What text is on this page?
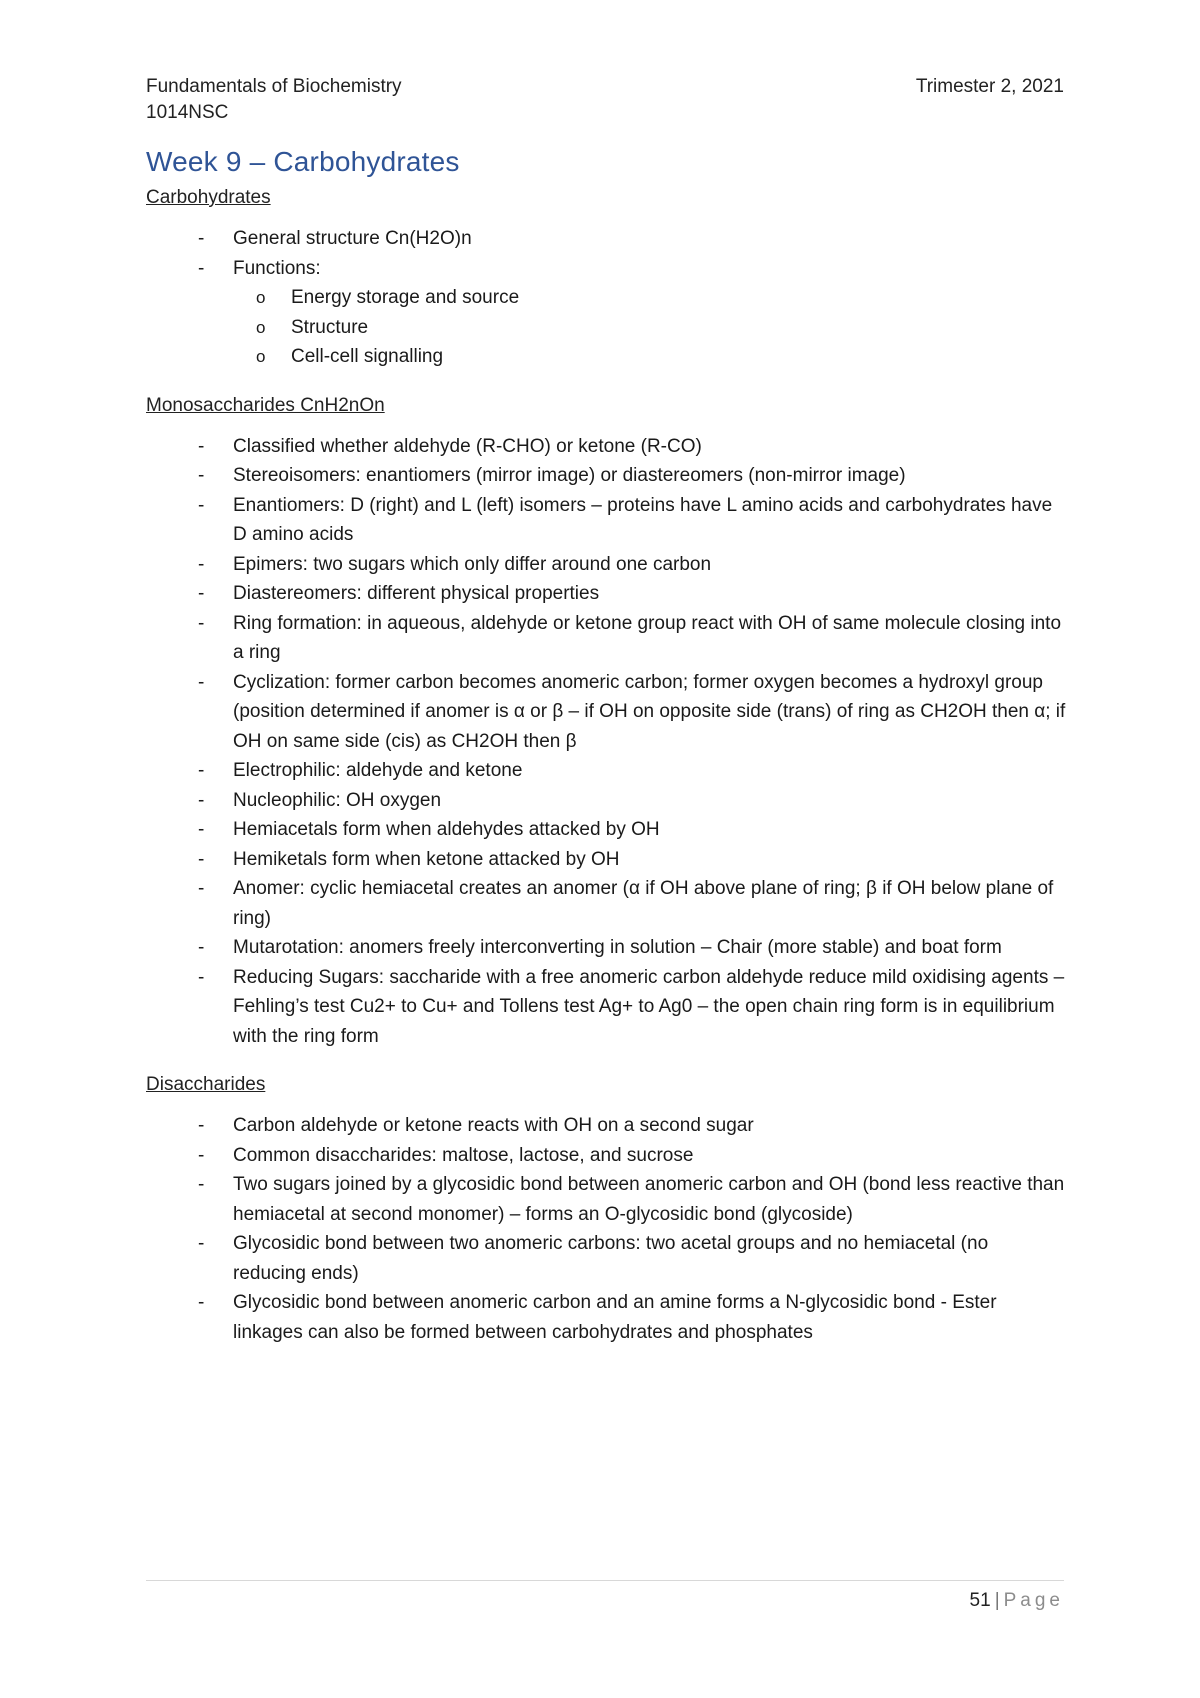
Fundamentals of Biochemistry	Trimester 2, 2021
1014NSC
Week 9 – Carbohydrates

Carbohydrates

- General structure Cn(H2O)n
- Functions:
o Energy storage and source
o Structure
o Cell-cell signalling

Monosaccharides CnH2nOn

- Classified whether aldehyde (R-CHO) or ketone (R-CO)
- Stereoisomers: enantiomers (mirror image) or diastereomers (non-mirror image)
- Enantiomers: D (right) and L (left) isomers – proteins have L amino acids and carbohydrates have D amino acids
- Epimers: two sugars which only differ around one carbon
- Diastereomers: different physical properties
- Ring formation: in aqueous, aldehyde or ketone group react with OH of same molecule closing into a ring
- Cyclization: former carbon becomes anomeric carbon; former oxygen becomes a hydroxyl group (position determined if anomer is α or β – if OH on opposite side (trans) of ring as CH2OH then α; if OH on same side (cis) as CH2OH then β
- Electrophilic: aldehyde and ketone
- Nucleophilic: OH oxygen
- Hemiacetals form when aldehydes attacked by OH
- Hemiketals form when ketone attacked by OH
- Anomer: cyclic hemiacetal creates an anomer (α if OH above plane of ring; β if OH below plane of ring)
- Mutarotation: anomers freely interconverting in solution – Chair (more stable) and boat form
- Reducing Sugars: saccharide with a free anomeric carbon aldehyde reduce mild oxidising agents – Fehling’s test Cu2+ to Cu+ and Tollens test Ag+ to Ag0 – the open chain ring form is in equilibrium with the ring form

Disaccharides

- Carbon aldehyde or ketone reacts with OH on a second sugar
- Common disaccharides: maltose, lactose, and sucrose
- Two sugars joined by a glycosidic bond between anomeric carbon and OH (bond less reactive than hemiacetal at second monomer) – forms an O-glycosidic bond (glycoside)
- Glycosidic bond between two anomeric carbons: two acetal groups and no hemiacetal (no reducing ends)
- Glycosidic bond between anomeric carbon and an amine forms a N-glycosidic bond - Ester linkages can also be formed between carbohydrates and phosphates
51 | Page
